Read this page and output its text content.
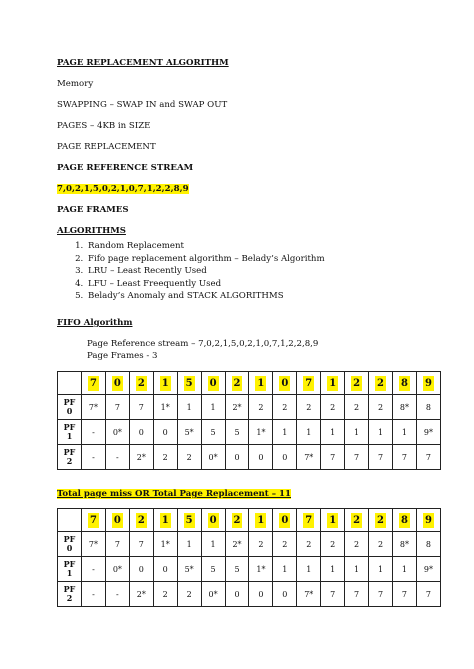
PAGE REPLACEMENT ALGORITHM
Memory
SWAPPING – SWAP IN and SWAP OUT
PAGES – 4KB in SIZE
PAGE REPLACEMENT
PAGE REFERENCE STREAM
7,0,2,1,5,0,2,1,0,7,1,2,2,8,9
PAGE FRAMES
ALGORITHMS
1. Random Replacement
2. Fifo page replacement algorithm – Belady’s Algorithm
3. LRU – Least Recently Used
4. LFU – Least Freequently Used
5. Belady’s Anomaly and STACK ALGORITHMS
FIFO Algorithm
Page Reference stream – 7,0,2,1,5,0,2,1,0,7,1,2,2,8,9
Page Frames - 3
	7	0	2	1	5	0	2	1	0	7	1	2	2	8	9
PF
0	7*	7	7	1*	1	1	2*	2	2	2	2	2	2	8*	8
PF
1	-	0*	0	0	5*	5	5	1*	1	1	1	1	1	1	9*
PF
2	-	-	2*	2	2	0*	0	0	0	7*	7	7	7	7	7
Total page miss OR Total Page Replacement – 11
	7	0	2	1	5	0	2	1	0	7	1	2	2	8	9
PF
0	7*	7	7	1*	1	1	2*	2	2	2	2	2	2	8*	8
PF
1	-	0*	0	0	5*	5	5	1*	1	1	1	1	1	1	9*
PF
2	-	-	2*	2	2	0*	0	0	0	7*	7	7	7	7	7
